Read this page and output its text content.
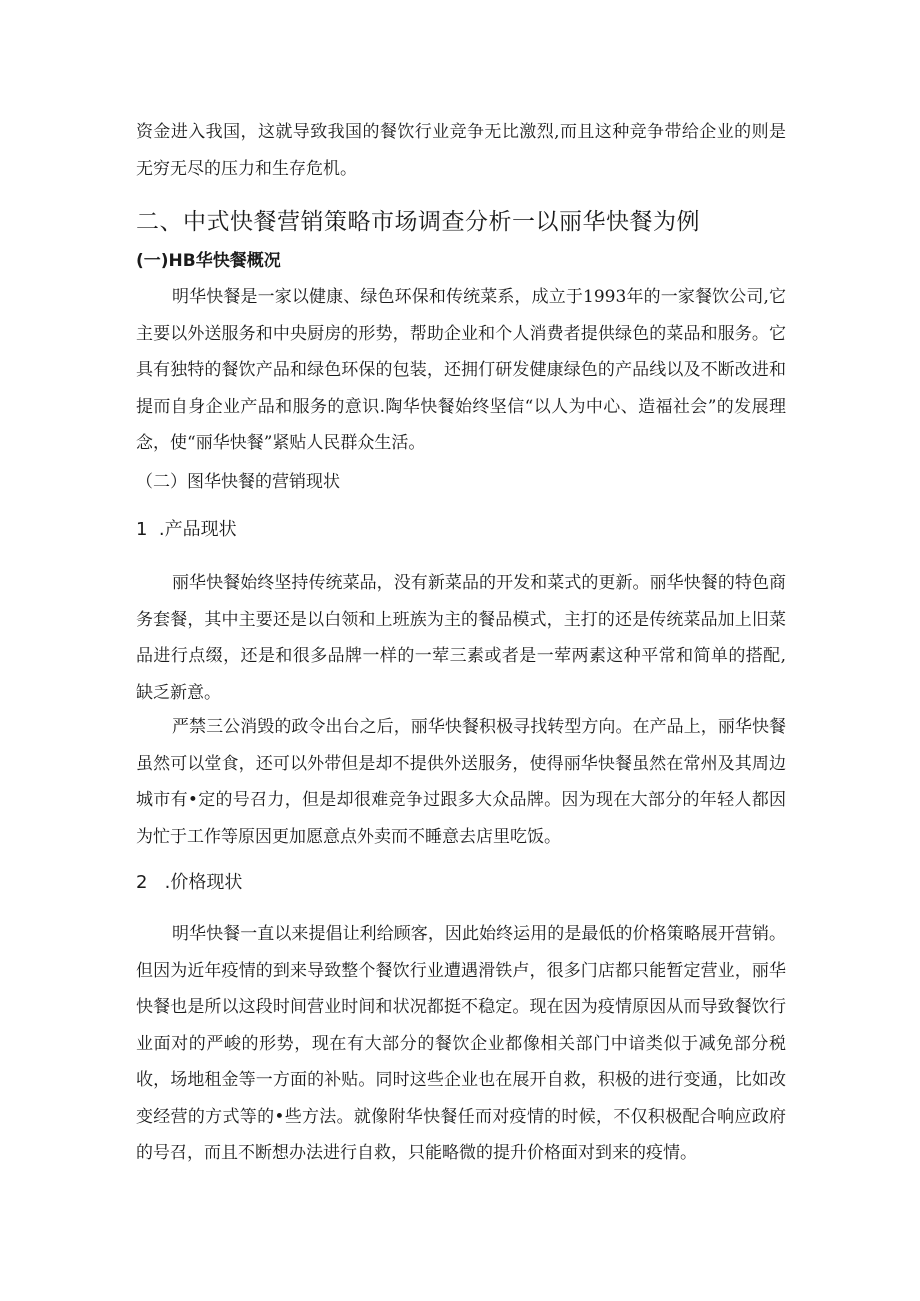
资金进入我国，这就导致我国的餐饮行业竞争无比激烈,而且这种竞争带给企业的则是无穷无尽的压力和生存危机。

二、中式快餐营销策略市场调查分析一以丽华快餐为例
(一)HB华快餐概况

明华快餐是一家以健康、绿色环保和传统菜系，成立于1993年的一家餐饮公司,它主要以外送服务和中央厨房的形势，帮助企业和个人消费者提供绿色的菜品和服务。它具有独特的餐饮产品和绿色环保的包装，还拥仃研发健康绿色的产品线以及不断改进和提而自身企业产品和服务的意识.陶华快餐始终坚信“以人为中心、造福社会”的发展理念，使“丽华快餐”紧贴人民群众生活。

（二）图华快餐的营销现状
1  .产品现状

丽华快餐始终坚持传统菜品，没有新菜品的开发和菜式的更新。丽华快餐的特色商务套餐，其中主要还是以白领和上班族为主的餐品模式，主打的还是传统菜品加上旧菜品进行点缀，还是和很多品牌一样的一荤三素或者是一荤两素这种平常和简单的搭配,缺乏新意。

严禁三公消毁的政令出台之后，丽华快餐积极寻找转型方向。在产品上，丽华快餐虽然可以堂食，还可以外带但是却不提供外送服务，使得丽华快餐虽然在常州及其周边城市有•定的号召力，但是却很难竞争过跟多大众品牌。因为现在大部分的年轻人都因为忙于工作等原因更加愿意点外卖而不睡意去店里吃饭。

2   .价格现状

明华快餐一直以来提倡让利给顾客，因此始终运用的是最低的价格策略展开营销。但因为近年疫情的到来导致整个餐饮行业遭遇滑铁卢，很多门店都只能暂定营业，丽华快餐也是所以这段时间营业时间和状况都挺不稳定。现在因为疫情原因从而导致餐饮行业面对的严峻的形势，现在有大部分的餐饮企业都像相关部门中谙类似于减免部分税收，场地租金等一方面的补贴。同时这些企业也在展开自救，积极的进行变通，比如改变经营的方式等的•些方法。就像附华快餐任而对疫情的时候，不仅积极配合响应政府的号召，而且不断想办法进行自救，只能略微的提升价格面对到来的疫情。
